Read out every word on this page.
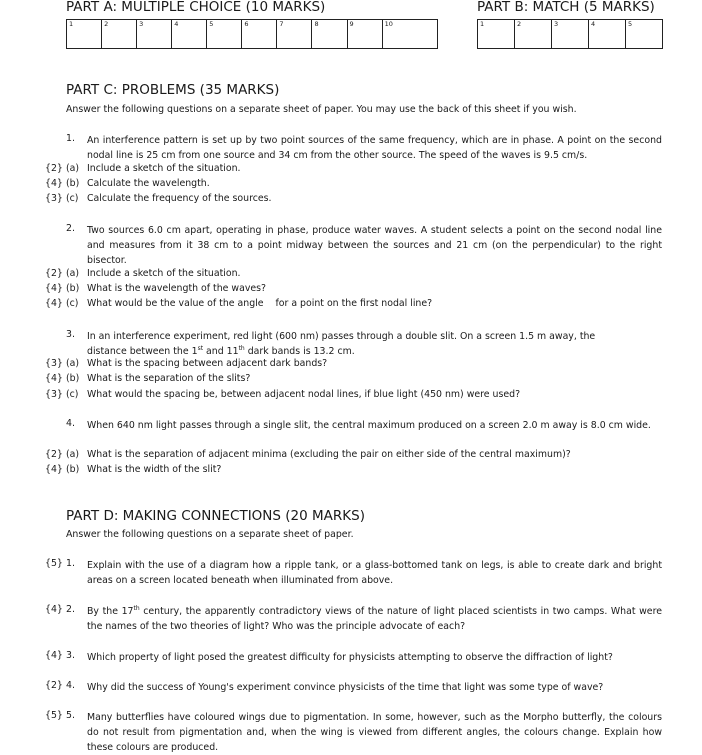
PART A: MULTIPLE CHOICE (10 MARKS)
1	2	3	4	5	6	7	8	9	10
PART B: MATCH (5 MARKS)
1	2	3	4	5
PART C: PROBLEMS (35 MARKS)
Answer the following questions on a separate sheet of paper. You may use the back of this sheet if you wish.
1. An interference pattern is set up by two point sources of the same frequency, which are in phase. A point on the second nodal line is 25 cm from one source and 34 cm from the other source. The speed of the waves is 9.5 cm/s.
{2} (a) Include a sketch of the situation.
{4} (b) Calculate the wavelength.
{3} (c) Calculate the frequency of the sources.
2. Two sources 6.0 cm apart, operating in phase, produce water waves. A student selects a point on the second nodal line and measures from it 38 cm to a point midway between the sources and 21 cm (on the perpendicular) to the right bisector.
{2} (a) Include a sketch of the situation.
{4} (b) What is the wavelength of the waves?
{4} (c) What would be the value of the angle    for a point on the first nodal line?
3. In an interference experiment, red light (600 nm) passes through a double slit. On a screen 1.5 m away, the
distance between the 1st and 11th dark bands is 13.2 cm.
{3} (a) What is the spacing between adjacent dark bands?
{4} (b) What is the separation of the slits?
{3} (c) What would the spacing be, between adjacent nodal lines, if blue light (450 nm) were used?
4. When 640 nm light passes through a single slit, the central maximum produced on a screen 2.0 m away is 8.0 cm wide.
{2} (a) What is the separation of adjacent minima (excluding the pair on either side of the central maximum)?
{4} (b) What is the width of the slit?
PART D: MAKING CONNECTIONS (20 MARKS)
Answer the following questions on a separate sheet of paper.
{5} 1. Explain with the use of a diagram how a ripple tank, or a glass-bottomed tank on legs, is able to create dark and bright areas on a screen located beneath when illuminated from above.
{4} 2. By the 17th century, the apparently contradictory views of the nature of light placed scientists in two camps. What were the names of the two theories of light? Who was the principle advocate of each?
{4} 3. Which property of light posed the greatest difficulty for physicists attempting to observe the diffraction of light?
{2} 4. Why did the success of Young's experiment convince physicists of the time that light was some type of wave?
{5} 5. Many butterflies have coloured wings due to pigmentation. In some, however, such as the Morpho butterfly, the colours do not result from pigmentation and, when the wing is viewed from different angles, the colours change. Explain how these colours are produced.
